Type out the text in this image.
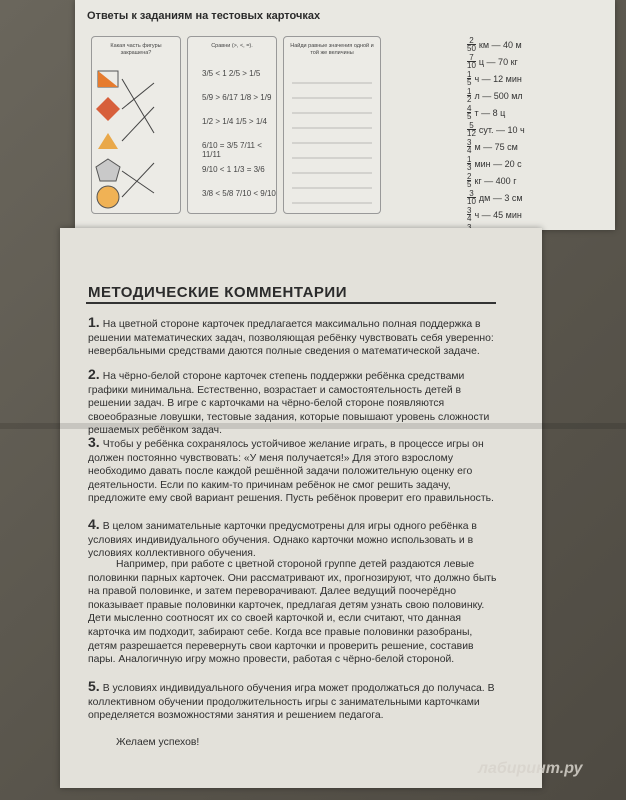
Ответы к заданиям на тестовых карточках
Какая часть фигуры закрашена?
Сравни (>, <, =).
3/5 < 1 2/5 > 1/5
5/9 > 6/17 1/8 > 1/9
1/2 > 1/4 1/5 > 1/4
6/10 = 3/5 7/11 < 11/11
9/10 < 1 1/3 = 3/6
3/8 < 5/8 7/10 < 9/10
Найди равные значения одной и той же величины
2
50 км — 40 м
7
10 ц — 70 кг
1
5 ч — 12 мин
1
2 л — 500 мл
4
5 т — 8 ц
5
12 сут. — 10 ч
3
4 м — 75 см
1
3 мин — 20 с
2
5 кг — 400 г
3
10 дм — 3 см
3
4 ч — 45 мин
МЕТОДИЧЕСКИЕ КОММЕНТАРИИ
1. На цветной стороне карточек предлагается максимально полная поддержка в решении математических задач, позволяющая ребёнку чувствовать себя уверенно: невербальными средствами даются полные сведения о математической задаче.
2. На чёрно-белой стороне карточек степень поддержки ребёнка средствами графики минимальна. Естественно, возрастает и самостоятельность детей в решении задач. В игре с карточками на чёрно-белой стороне появляются своеобразные ловушки, тестовые задания, которые повышают уровень сложности решаемых ребёнком задач.
3. Чтобы у ребёнка сохранялось устойчивое желание играть, в процессе игры он должен постоянно чувствовать: «У меня получается!» Для этого взрослому необходимо давать после каждой решённой задачи положительную оценку его деятельности. Если по каким-то причинам ребёнок не смог решить задачу, предложите ему свой вариант решения. Пусть ребёнок проверит его правильность.
4. В целом занимательные карточки предусмотрены для игры одного ребёнка в условиях индивидуального обучения. Однако карточки можно использовать и в условиях коллективного обучения.
Например, при работе с цветной стороной группе детей раздаются левые половинки парных карточек. Они рассматривают их, прогнозируют, что должно быть на правой половинке, и затем переворачивают. Далее ведущий поочерёдно показывает правые половинки карточек, предлагая детям узнать свою половинку. Дети мысленно соотносят их со своей карточкой и, если считают, что данная карточка им подходит, забирают себе. Когда все правые половинки разобраны, детям разрешается перевернуть свои карточки и проверить решение, составив пары. Аналогичную игру можно провести, работая с чёрно-белой стороной.
5. В условиях индивидуального обучения игра может продолжаться до получаса. В коллективном обучении продолжительность игры с занимательными карточками определяется возможностями занятия и решением педагога.
Желаем успехов!
лабиринт.ру
